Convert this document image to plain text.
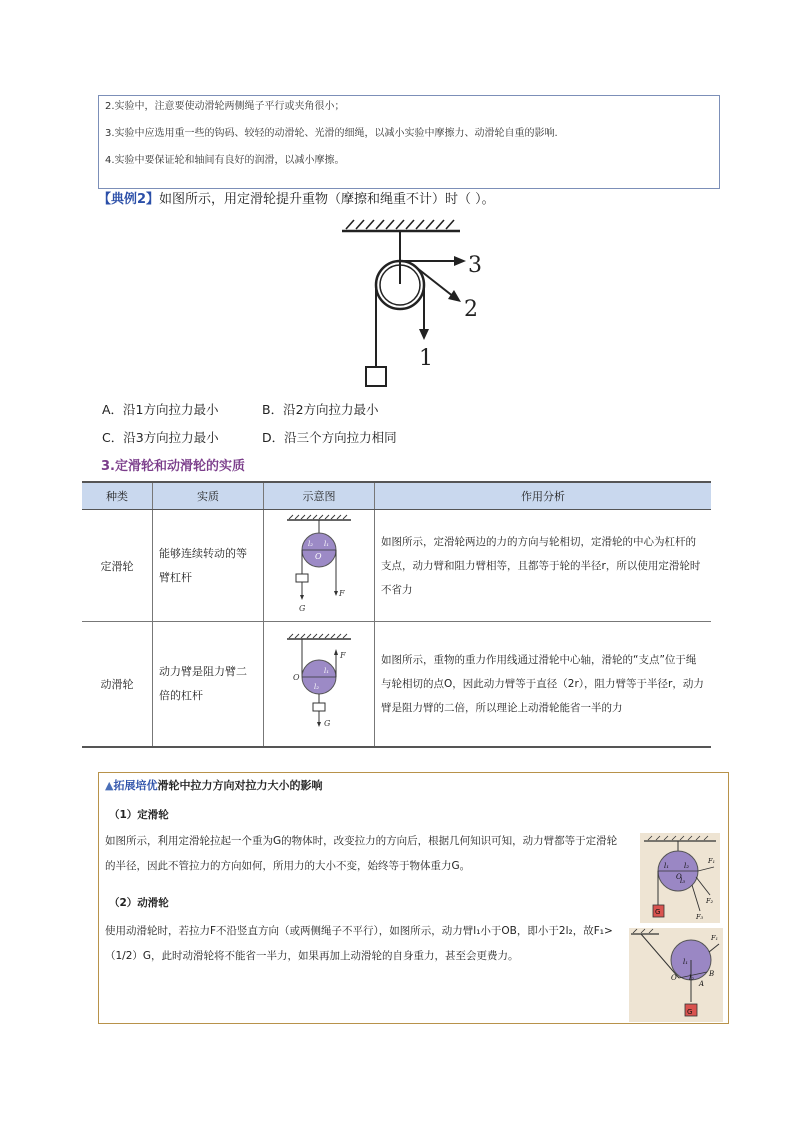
2.实验中，注意要使动滑轮两侧绳子平行或夹角很小；

3.实验中应选用重一些的钩码、较轻的动滑轮、光滑的细绳，以减小实验中摩擦力、动滑轮自重的影响.

4.实验中要保证轮和轴间有良好的润滑，以减小摩擦。

【典例2】如图所示，用定滑轮提升重物（摩擦和绳重不计）时（ ）。
1
2
3
A．沿1方向拉力最小	B．沿2方向拉力最小
C．沿3方向拉力最小	D．沿三个方向拉力相同
3.定滑轮和动滑轮的实质
种类	实质	示意图	作用分析
定滑轮	能够连续转动的等臂杠杆	l₂ l₁
O
G
F	如图所示，定滑轮两边的力的方向与轮相切，定滑轮的中心为杠杆的支点，动力臂和阻力臂相等，且都等于轮的半径r，所以使用定滑轮时不省力
动滑轮	动力臂是阻力臂二倍的杠杆	l₁
l₂
O
F
G	如图所示，重物的重力作用线通过滑轮中心轴，滑轮的“支点”位于绳与轮相切的点O，因此动力臂等于直径（2r），阻力臂等于半径r，动力臂是阻力臂的二倍，所以理论上动滑轮能省一半的力
▲拓展培优滑轮中拉力方向对拉力大小的影响
（1）定滑轮

如图所示，利用定滑轮拉起一个重为G的物体时，改变拉力的方向后，根据几何知识可知，动力臂都等于定滑轮的半径，因此不管拉力的方向如何，所用力的大小不变，始终等于物体重力G。

（2）动滑轮

使用动滑轮时，若拉力F不沿竖直方向（或两侧绳子不平行），如图所示，动力臂l₁小于OB，即小于2l₂，故F₁>（1/2）G，此时动滑轮将不能省一半力，如果再加上动滑轮的自身重力，甚至会更费力。

l₁ l₂
l₃
O
G
F₁
F₂
F₃
l₁
l₂
O
A
B
G
F₁
